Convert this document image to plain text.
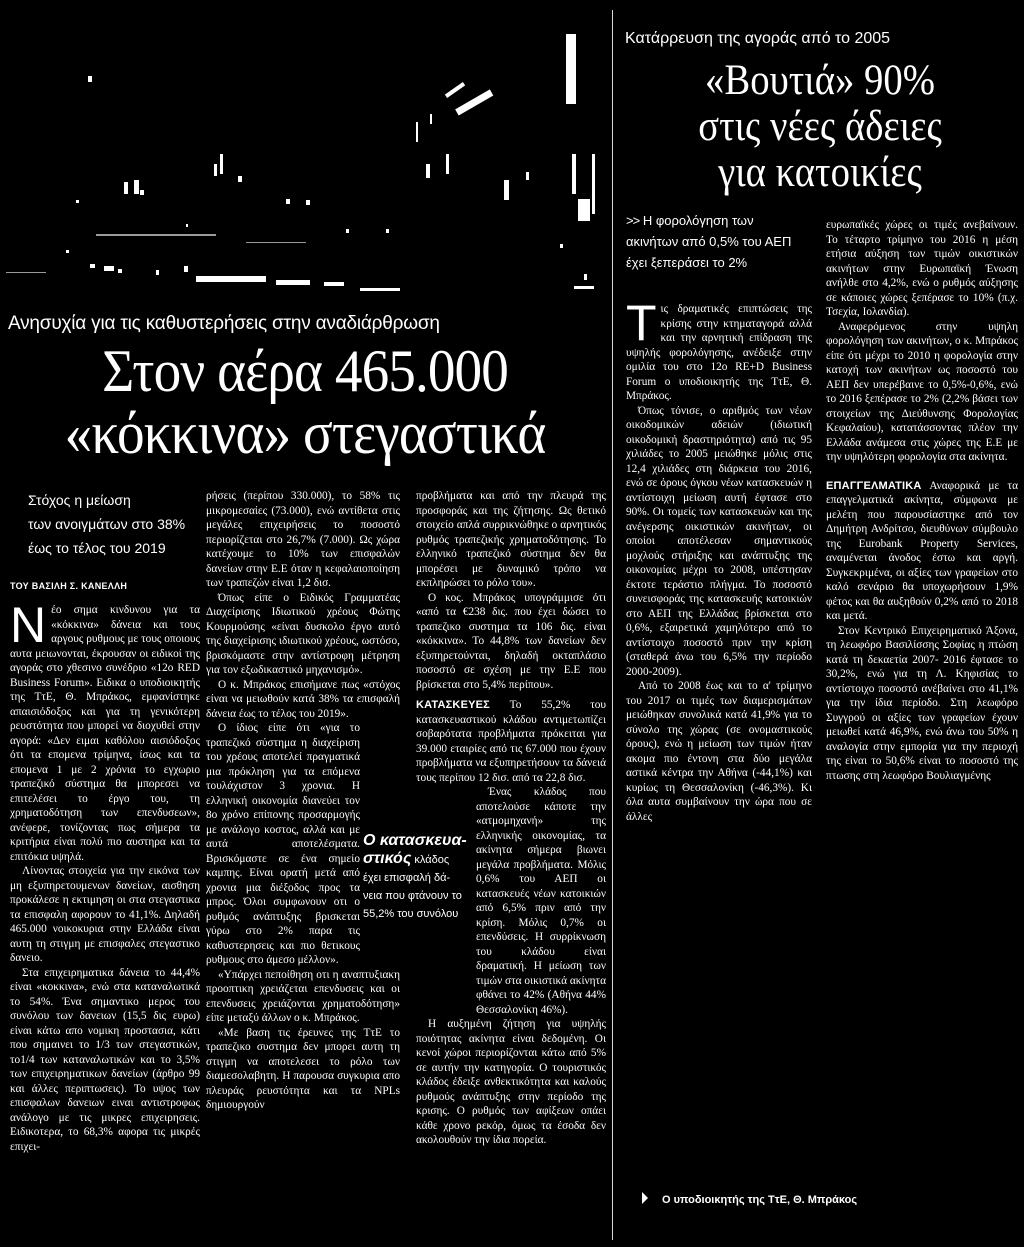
Ανησυχία για τις καθυστερήσεις στην αναδιάρθρωση
Στον αέρα 465.000
«κόκκινα» στεγαστικά
Στόχος η μείωση
των ανοιγμάτων στο 38%
έως το τέλος του 2019
ΤΟΥ ΒΑΣΙΛΗ Σ. ΚΑΝΕΛΛΗ

Nέο σημα κινδυνου για τα «κόκκινα» δάνεια και τους αργους ρυθμους με τους οποιους αυτα μειωνονται, έκρουσαν οι ειδικοί της αγοράς στο χθεσινο συνέδριο «12ο RED Business Forum». Ειδικα ο υποδιοικητής της ΤτΕ, Θ. Μπράκος, εμφανίστηκε απαισιόδοξος και για τη γενικότερη ρευστότητα που μπορεί να διοχυθεί στην αγορά: «Δεν ειμαι καθόλου αισιόδοξος ότι τα επομενα τρίμηνα, ίσως και τα επομενα 1 με 2 χρόνια το εγχωριο τραπεζικό σύστημα θα μπορεσει να επιτελέσει το έργο του, τη χρηματοδότηση των επενδυσεων», ανέφερε, τονίζοντας πως σήμερα τα κριτήρια είναι πολύ πιο αυστηρα και τα επιτόκια υψηλά.

Λίνοντας στοιχεία για την εικόνα των μη εξυπηρετουμενων δανείων, αισθηση προκάλεσε η εκτιμηση οι στα στεγαστικα τα επισφαλη αφορουν το 41,1%. Δηλαδή 465.000 νοικοκυρια στην Ελλάδα είναι αυτη τη στιγμη με επισφαλες στεγαστικο δανειο.

Στα επιχειρηματικα δάνεια το 44,4% είναι «κοκκινα», ενώ στα καταναλωτικά το 54%. Ένα σημαντικο μερος του συνόλου των δανειων (15,5 δις ευρω) είναι κάτω απο νομικη προστασια, κάτι που σημαινει το 1/3 των στεγαστικών, το1/4 των καταναλωτικών και το 3,5% των επιχειρηματικων δανείων (άρθρο 99 και άλλες περιπτωσεις). Το υψος των επισφαλων δανειων ειναι αντιστροφως ανάλογο με τις μικρες επιχειρησεις. Ειδικοτερα, το 68,3% αφορα τις μικρές επιχει-

ρήσεις (περίπου 330.000), το 58% τις μικρομεσαίες (73.000), ενώ αντίθετα στις μεγάλες επιχειρήσεις το ποσοστό περιορίζεται στο 26,7% (7.000). Ως χώρα κατέχουμε το 10% των επισφαλών δανείων στην Ε.Ε όταν η κεφαλαιοποίηση των τραπεζών είναι 1,2 δισ.

Όπως είπε ο Ειδικός Γραμματέας Διαχείρισης Ιδιωτικού χρέους Φώτης Κουρμούσης «είναι δυσκολο έργο αυτό της διαχείρισης ιδιωτικού χρέους, ωστόσο, βρισκόμαστε στην αντίστροφη μέτρηση για τον εξωδικαστικό μηχανισμό».

Ο κ. Μπράκος επισήμανε πως «στόχος είναι να μειωθούν κατά 38% τα επισφαλή δάνεια έως το τέλος του 2019».

Ο ίδιος είπε ότι «για το τραπεζικό σύστημα η διαχείριση του χρέους αποτελεί πραγματικά μια πρόκληση για τα επόμενα τουλάχιστον 3 χρονια. Η ελληνική οικονομία διανεύει τον 8ο χρόνο επίπονης προσαρμογής με ανάλογο κοστος, αλλά και με αυτά αποτελέσματα. Βρισκόμαστε σε ένα σημείο καμπης. Είναι ορατή μετά από χρονια μια διέξοδος προς τα μπρος. Όλοι συμφωνουν οτι ο ρυθμός ανάπτυξης βρισκεται γύρω στο 2% παρα τις καθυστερησεις και πιο θετικους ρυθμους στο άμεσο μέλλον».

«Υπάρχει πεποίθηση οτι η αναπτυξιακη προοπτικη χρειάζεται επενδυσεις και οι επενδυσεις χρειάζονται χρηματοδότηση» είπε μεταξύ άλλων ο κ. Μπράκος.

«Με βαση τις έρευνες της ΤτΕ το τραπεζικο συστημα δεν μπορει αυτη τη στιγμη να αποτελεσει το ρόλο των διαμεσολαβητη. Η παρουσα συγκυρια απο πλευράς ρευστότητα και τα NPLs δημιουργούν

Ο κατασκευα-
στικός κλάδος
έχει επισφαλή δά-
νεια που φτάνουν το
55,2% του συνόλου

προβλήματα και από την πλευρά της προσφοράς και της ζήτησης. Ως θετικό στοιχείο απλά συρρικνώθηκε ο αρνητικός ρυθμός τραπεζικής χρηματοδότησης. Το ελληνικό τραπεζικό σύστημα δεν θα μπορέσει με δυναμικό τρόπο να εκπληρώσει το ρόλο του».

Ο κος. Μπράκος υπογράμμισε ότι «από τα €238 δις. που έχει δώσει το τραπεζικο συστημα τα 106 δις. είναι «κόκκινα». Το 44,8% των δανείων δεν εξυπηρετούνται, δηλαδή οκταπλάσιο ποσοστό σε σχέση με την Ε.Ε που βρίσκεται στο 5,4% περίπου».

ΚΑΤΑΣΚΕΥΕΣ Το 55,2% του κατασκευαστικού κλάδου αντιμετωπίζει σοβαρότατα προβλήματα πρόκειται για 39.000 εταιρίες από τις 67.000 που έχουν προβλήματα να εξυπηρετήσουν τα δάνειά τους περίπου 12 δισ. από τα 22,8 δισ.

Ένας κλάδος που αποτελούσε κάποτε την «ατμομηχανή» της ελληνικής οικονομίας, τα ακίνητα σήμερα βιωνει μεγάλα προβλήματα. Μόλις 0,6% του ΑΕΠ οι κατασκευές νέων κατοικιών από 6,5% πριν από την κρίση. Μόλις 0,7% οι επενδύσεις. Η συρρίκνωση του κλάδου είναι δραματική. Η μείωση των τιμών στα οικιστικά ακίνητα φθάνει το 42% (Αθήνα 44% Θεσσαλονίκη 46%).

Η αυξημένη ζήτηση για υψηλής ποιότητας ακίνητα είναι δεδομένη. Οι κενοί χώροι περιορίζονται κάτω από 5% σε αυτήν την κατηγορία. Ο τουριστικός κλάδος έδειξε ανθεκτικότητα και καλούς ρυθμούς ανάπτυξης στην περίοδο της κρισης. Ο ρυθμός των αφίξεων οπάει κάθε χρονο ρεκόρ, όμως τα έσοδα δεν ακολουθούν την ίδια πορεία.

Κατάρρευση της αγοράς από το 2005
«Βουτιά» 90%
στις νέες άδειες
για κατοικίες
>> Η φορολόγηση των
ακινήτων από 0,5% του ΑΕΠ
έχει ξεπεράσει το 2%

Τις δραματικές επιπτώσεις της κρίσης στην κτηματαγορά αλλά και την αρνητική επίδραση της υψηλής φορολόγησης, ανέδειξε στην ομιλία του στο 12ο RE+D Business Forum ο υποδιοικητής της ΤτΕ, Θ. Μπράκος.

Όπως τόνισε, ο αριθμός των νέων οικοδομικών αδειών (ιδιωτική οικοδομική δραστηριότητα) από τις 95 χιλιάδες το 2005 μειώθηκε μόλις στις 12,4 χιλιάδες στη διάρκεια του 2016, ενώ σε όρους όγκου νέων κατασκευών η αντίστοιχη μείωση αυτή έφτασε στο 90%. Οι τομείς των κατασκευών και της ανέγερσης οικιστικών ακινήτων, οι οποίοι αποτέλεσαν σημαντικούς μοχλούς στήριξης και ανάπτυξης της οικονομίας μέχρι το 2008, υπέστησαν έκτοτε τεράστιο πλήγμα. Το ποσοστό συνεισφοράς της κατασκευής κατοικιών στο ΑΕΠ της Ελλάδας βρίσκεται στο 0,6%, εξαιρετικά χαμηλότερο από το αντίστοιχο ποσοστό πριν την κρίση (σταθερά άνω του 6,5% την περίοδο 2000-2009).

Από το 2008 έως και το α' τρίμηνο του 2017 οι τιμές των διαμερισμάτων μειώθηκαν συνολικά κατά 41,9% για το σύνολο της χώρας (σε ονομαστικούς όρους), ενώ η μείωση των τιμών ήταν ακομα πιο έντονη στα δύο μεγάλα αστικά κέντρα την Αθήνα (-44,1%) και κυρίως τη Θεσσαλονίκη (-46,3%). Κι όλα αυτα συμβαίνουν την ώρα που σε άλλες

ευρωπαϊκές χώρες οι τιμές ανεβαίνουν. Το τέταρτο τρίμηνο του 2016 η μέση ετήσια αύξηση των τιμών οικιστικών ακινήτων στην Ευρωπαϊκή Ένωση ανήλθε στο 4,2%, ενώ ο ρυθμός αύξησης σε κάποιες χώρες ξεπέρασε το 10% (π.χ. Τσεχία, Ιολανδία).

Αναφερόμενος στην υψηλη φορολόγηση των ακινήτων, ο κ. Μπράκος είπε ότι μέχρι το 2010 η φορολογία στην κατοχή των ακινήτων ως ποσοστό του ΑΕΠ δεν υπερέβαινε το 0,5%-0,6%, ενώ το 2016 ξεπέρασε το 2% (2,2% βάσει των στοιχείων της Διεύθυνσης Φορολογίας Κεφαλαίου), κατατάσσοντας πλέον την Ελλάδα ανάμεσα στις χώρες της Ε.Ε με την υψηλότερη φορολογία στα ακίνητα.

ΕΠΑΓΓΕΛΜΑΤΙΚΑ Αναφορικά με τα επαγγελματικά ακίνητα, σύμφωνα με μελέτη που παρουσίαστηκε από τον Δημήτρη Ανδρίτσο, διευθύνων σύμβουλο της Eurobank Property Services, αναμένεται άνοδος έστω και αργή. Συγκεκριμένα, οι αξίες των γραφείων στο καλό σενάριο θα υποχωρήσουν 1,9% φέτος και θα αυξηθούν 0,2% από το 2018 και μετά.

Στον Κεντρικό Επιχειρηματικό Άξονα, τη λεωφόρο Βασιλίσσης Σοφίας η πτώση κατά τη δεκαετία 2007- 2016 έφτασε το 30,2%, ενώ για τη Λ. Κηφισίας το αντίστοιχο ποσοστό ανέβαίνει στο 41,1% για την ίδια περίοδο. Στη λεωφόρο Συγγρού οι αξίες των γραφείων έχουν μειωθεί κατά 46,9%, ενώ άνω του 50% η αναλογία στην εμπορία για την περιοχή της είναι το 50,6% είναι το ποσοστό της πτωσης στη λεωφόρο Βουλιαγμένης

Ο υποδιοικητής της ΤτΕ, Θ. Μπράκος
